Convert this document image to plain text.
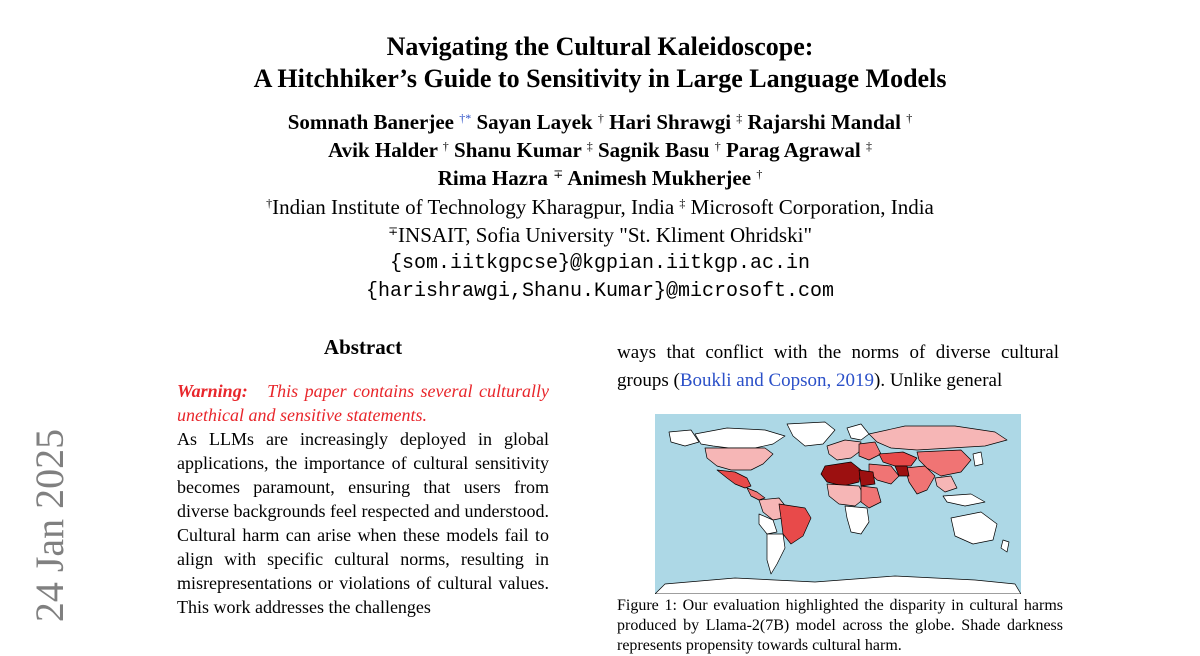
Navigating the Cultural Kaleidoscope:
A Hitchhiker’s Guide to Sensitivity in Large Language Models
Somnath Banerjee †* Sayan Layek † Hari Shrawgi ‡ Rajarshi Mandal †
Avik Halder † Shanu Kumar ‡ Sagnik Basu † Parag Agrawal ‡
Rima Hazra ∓ Animesh Mukherjee †
†Indian Institute of Technology Kharagpur, India ‡ Microsoft Corporation, India
∓INSAIT, Sofia University "St. Kliment Ohridski"
{som.iitkgpcse}@kgpian.iitkgp.ac.in
{harishrawgi,Shanu.Kumar}@microsoft.com
24 Jan 2025
Abstract
Warning: This paper contains several culturally unethical and sensitive statements.
As LLMs are increasingly deployed in global applications, the importance of cultural sensitivity becomes paramount, ensuring that users from diverse backgrounds feel respected and understood. Cultural harm can arise when these models fail to align with specific cultural norms, resulting in misrepresentations or violations of cultural values. This work addresses the challenges
ways that conflict with the norms of diverse cultural
groups (Boukli and Copson, 2019). Unlike general
Figure 1: Our evaluation highlighted the disparity in cultural harms produced by Llama-2(7B) model across the globe. Shade darkness represents propensity towards cultural harm.
